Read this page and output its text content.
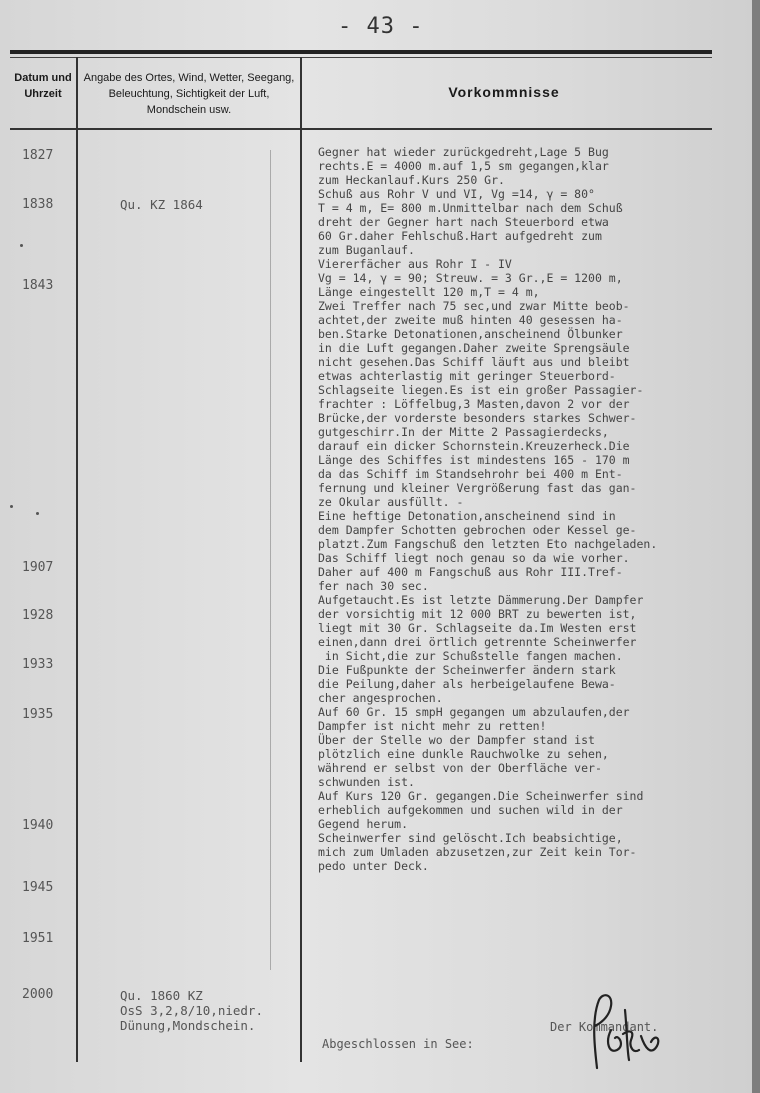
- 43 -
Datum und Uhrzeit
Angabe des Ortes, Wind, Wetter, Seegang, Beleuchtung, Sichtigkeit der Luft, Mondschein usw.
Vorkommnisse
1827
1838
1843
1907
1928
1933
1935
1940
1945
1951
2000
Qu. KZ 1864
Qu. 1860 KZ
OsS 3,2,8/10,niedr.
Dünung,Mondschein.
Gegner hat wieder zurückgedreht,Lage 5 Bug
rechts.E = 4000 m.auf 1,5 sm gegangen,klar
zum Heckanlauf.Kurs 250 Gr.
Schuß aus Rohr V und VI, Vg =14, γ = 80°
T = 4 m, E= 800 m.Unmittelbar nach dem Schuß
dreht der Gegner hart nach Steuerbord etwa
60 Gr.daher Fehlschuß.Hart aufgedreht zum
zum Buganlauf.
Viererfächer aus Rohr I - IV
Vg = 14, γ = 90; Streuw. = 3 Gr.,E = 1200 m,
Länge eingestellt 120 m,T = 4 m,
Zwei Treffer nach 75 sec,und zwar Mitte beob-
achtet,der zweite muß hinten 40 gesessen ha-
ben.Starke Detonationen,anscheinend Ölbunker
in die Luft gegangen.Daher zweite Sprengsäule
nicht gesehen.Das Schiff läuft aus und bleibt
etwas achterlastig mit geringer Steuerbord-
Schlagseite liegen.Es ist ein großer Passagier-
frachter : Löffelbug,3 Masten,davon 2 vor der
Brücke,der vorderste besonders starkes Schwer-
gutgeschirr.In der Mitte 2 Passagierdecks,
darauf ein dicker Schornstein.Kreuzerheck.Die
Länge des Schiffes ist mindestens 165 - 170 m
da das Schiff im Standsehrohr bei 400 m Ent-
fernung und kleiner Vergrößerung fast das gan-
ze Okular ausfüllt. -
Eine heftige Detonation,anscheinend sind in
dem Dampfer Schotten gebrochen oder Kessel ge-
platzt.Zum Fangschuß den letzten Eto nachgeladen.
Das Schiff liegt noch genau so da wie vorher.
Daher auf 400 m Fangschuß aus Rohr III.Tref-
fer nach 30 sec.
Aufgetaucht.Es ist letzte Dämmerung.Der Dampfer
der vorsichtig mit 12 000 BRT zu bewerten ist,
liegt mit 30 Gr. Schlagseite da.Im Westen erst
einen,dann drei örtlich getrennte Scheinwerfer
in Sicht,die zur Schußstelle fangen machen.
Die Fußpunkte der Scheinwerfer ändern stark
die Peilung,daher als herbeigelaufene Bewa-
cher angesprochen.
Auf 60 Gr. 15 smpH gegangen um abzulaufen,der
Dampfer ist nicht mehr zu retten!
Über der Stelle wo der Dampfer stand ist
plötzlich eine dunkle Rauchwolke zu sehen,
während er selbst von der Oberfläche ver-
schwunden ist.
Auf Kurs 120 Gr. gegangen.Die Scheinwerfer sind
erheblich aufgekommen und suchen wild in der
Gegend herum.
Scheinwerfer sind gelöscht.Ich beabsichtige,
mich zum Umladen abzusetzen,zur Zeit kein Tor-
pedo unter Deck.
Abgeschlossen in See:
Der Kommandant.
